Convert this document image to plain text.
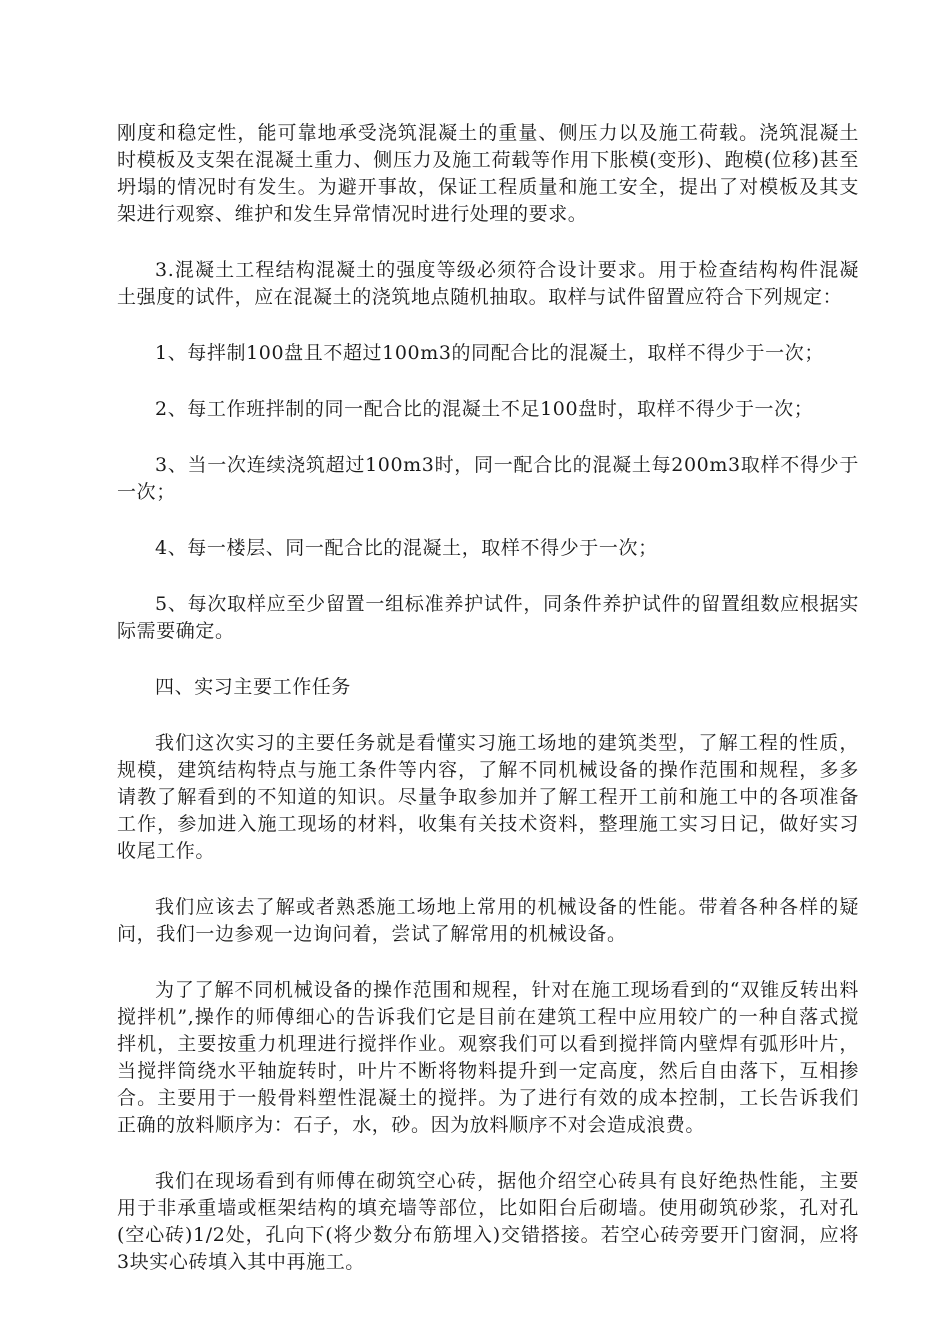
刚度和稳定性，能可靠地承受浇筑混凝土的重量、侧压力以及施工荷载。浇筑混凝土时模板及支架在混凝土重力、侧压力及施工荷载等作用下胀模(变形)、跑模(位移)甚至坍塌的情况时有发生。为避开事故，保证工程质量和施工安全，提出了对模板及其支架进行观察、维护和发生异常情况时进行处理的要求。

3.混凝土工程结构混凝土的强度等级必须符合设计要求。用于检查结构构件混凝土强度的试件，应在混凝土的浇筑地点随机抽取。取样与试件留置应符合下列规定：

1、每拌制100盘且不超过100m3的同配合比的混凝土，取样不得少于一次；

2、每工作班拌制的同一配合比的混凝土不足100盘时，取样不得少于一次；

3、当一次连续浇筑超过100m3时，同一配合比的混凝土每200m3取样不得少于一次；

4、每一楼层、同一配合比的混凝土，取样不得少于一次；

5、每次取样应至少留置一组标准养护试件，同条件养护试件的留置组数应根据实际需要确定。

四、实习主要工作任务

我们这次实习的主要任务就是看懂实习施工场地的建筑类型，了解工程的性质，规模，建筑结构特点与施工条件等内容，了解不同机械设备的操作范围和规程，多多请教了解看到的不知道的知识。尽量争取参加并了解工程开工前和施工中的各项准备工作，参加进入施工现场的材料，收集有关技术资料，整理施工实习日记，做好实习收尾工作。

我们应该去了解或者熟悉施工场地上常用的机械设备的性能。带着各种各样的疑问，我们一边参观一边询问着，尝试了解常用的机械设备。

为了了解不同机械设备的操作范围和规程，针对在施工现场看到的“双锥反转出料搅拌机”,操作的师傅细心的告诉我们它是目前在建筑工程中应用较广的一种自落式搅拌机，主要按重力机理进行搅拌作业。观察我们可以看到搅拌筒内壁焊有弧形叶片，当搅拌筒绕水平轴旋转时，叶片不断将物料提升到一定高度，然后自由落下，互相掺合。主要用于一般骨料塑性混凝土的搅拌。为了进行有效的成本控制，工长告诉我们正确的放料顺序为：石子，水，砂。因为放料顺序不对会造成浪费。

我们在现场看到有师傅在砌筑空心砖，据他介绍空心砖具有良好绝热性能，主要用于非承重墙或框架结构的填充墙等部位，比如阳台后砌墙。使用砌筑砂浆，孔对孔(空心砖)1/2处，孔向下(将少数分布筋埋入)交错搭接。若空心砖旁要开门窗洞，应将3块实心砖填入其中再施工。
